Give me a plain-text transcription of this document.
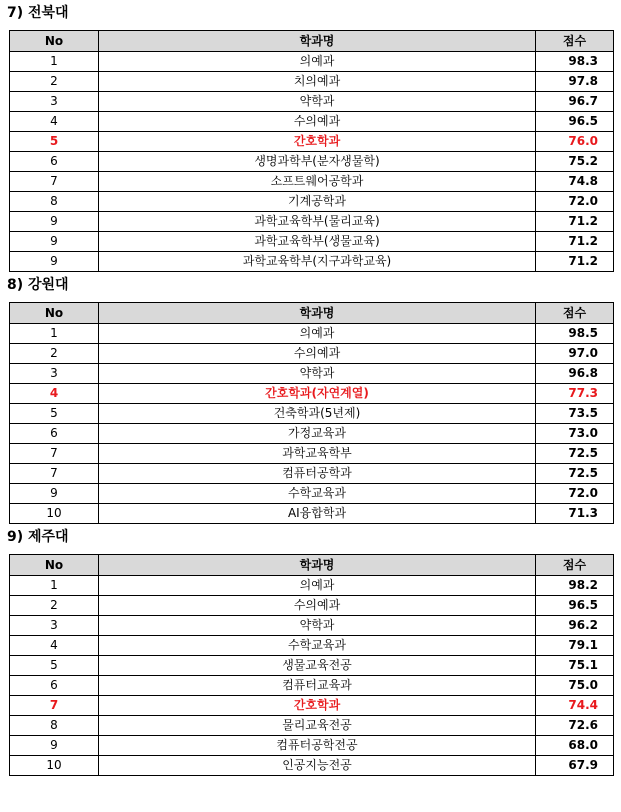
7) 전북대
No	학과명	점수
1	의예과	98.3
2	치의예과	97.8
3	약학과	96.7
4	수의예과	96.5
5	간호학과	76.0
6	생명과학부(분자생물학)	75.2
7	소프트웨어공학과	74.8
8	기계공학과	72.0
9	과학교육학부(물리교육)	71.2
9	과학교육학부(생물교육)	71.2
9	과학교육학부(지구과학교육)	71.2
8) 강원대
No	학과명	점수
1	의예과	98.5
2	수의예과	97.0
3	약학과	96.8
4	간호학과(자연계열)	77.3
5	건축학과(5년제)	73.5
6	가정교육과	73.0
7	과학교육학부	72.5
7	컴퓨터공학과	72.5
9	수학교육과	72.0
10	AI융합학과	71.3
9) 제주대
No	학과명	점수
1	의예과	98.2
2	수의예과	96.5
3	약학과	96.2
4	수학교육과	79.1
5	생물교육전공	75.1
6	컴퓨터교육과	75.0
7	간호학과	74.4
8	물리교육전공	72.6
9	컴퓨터공학전공	68.0
10	인공지능전공	67.9
